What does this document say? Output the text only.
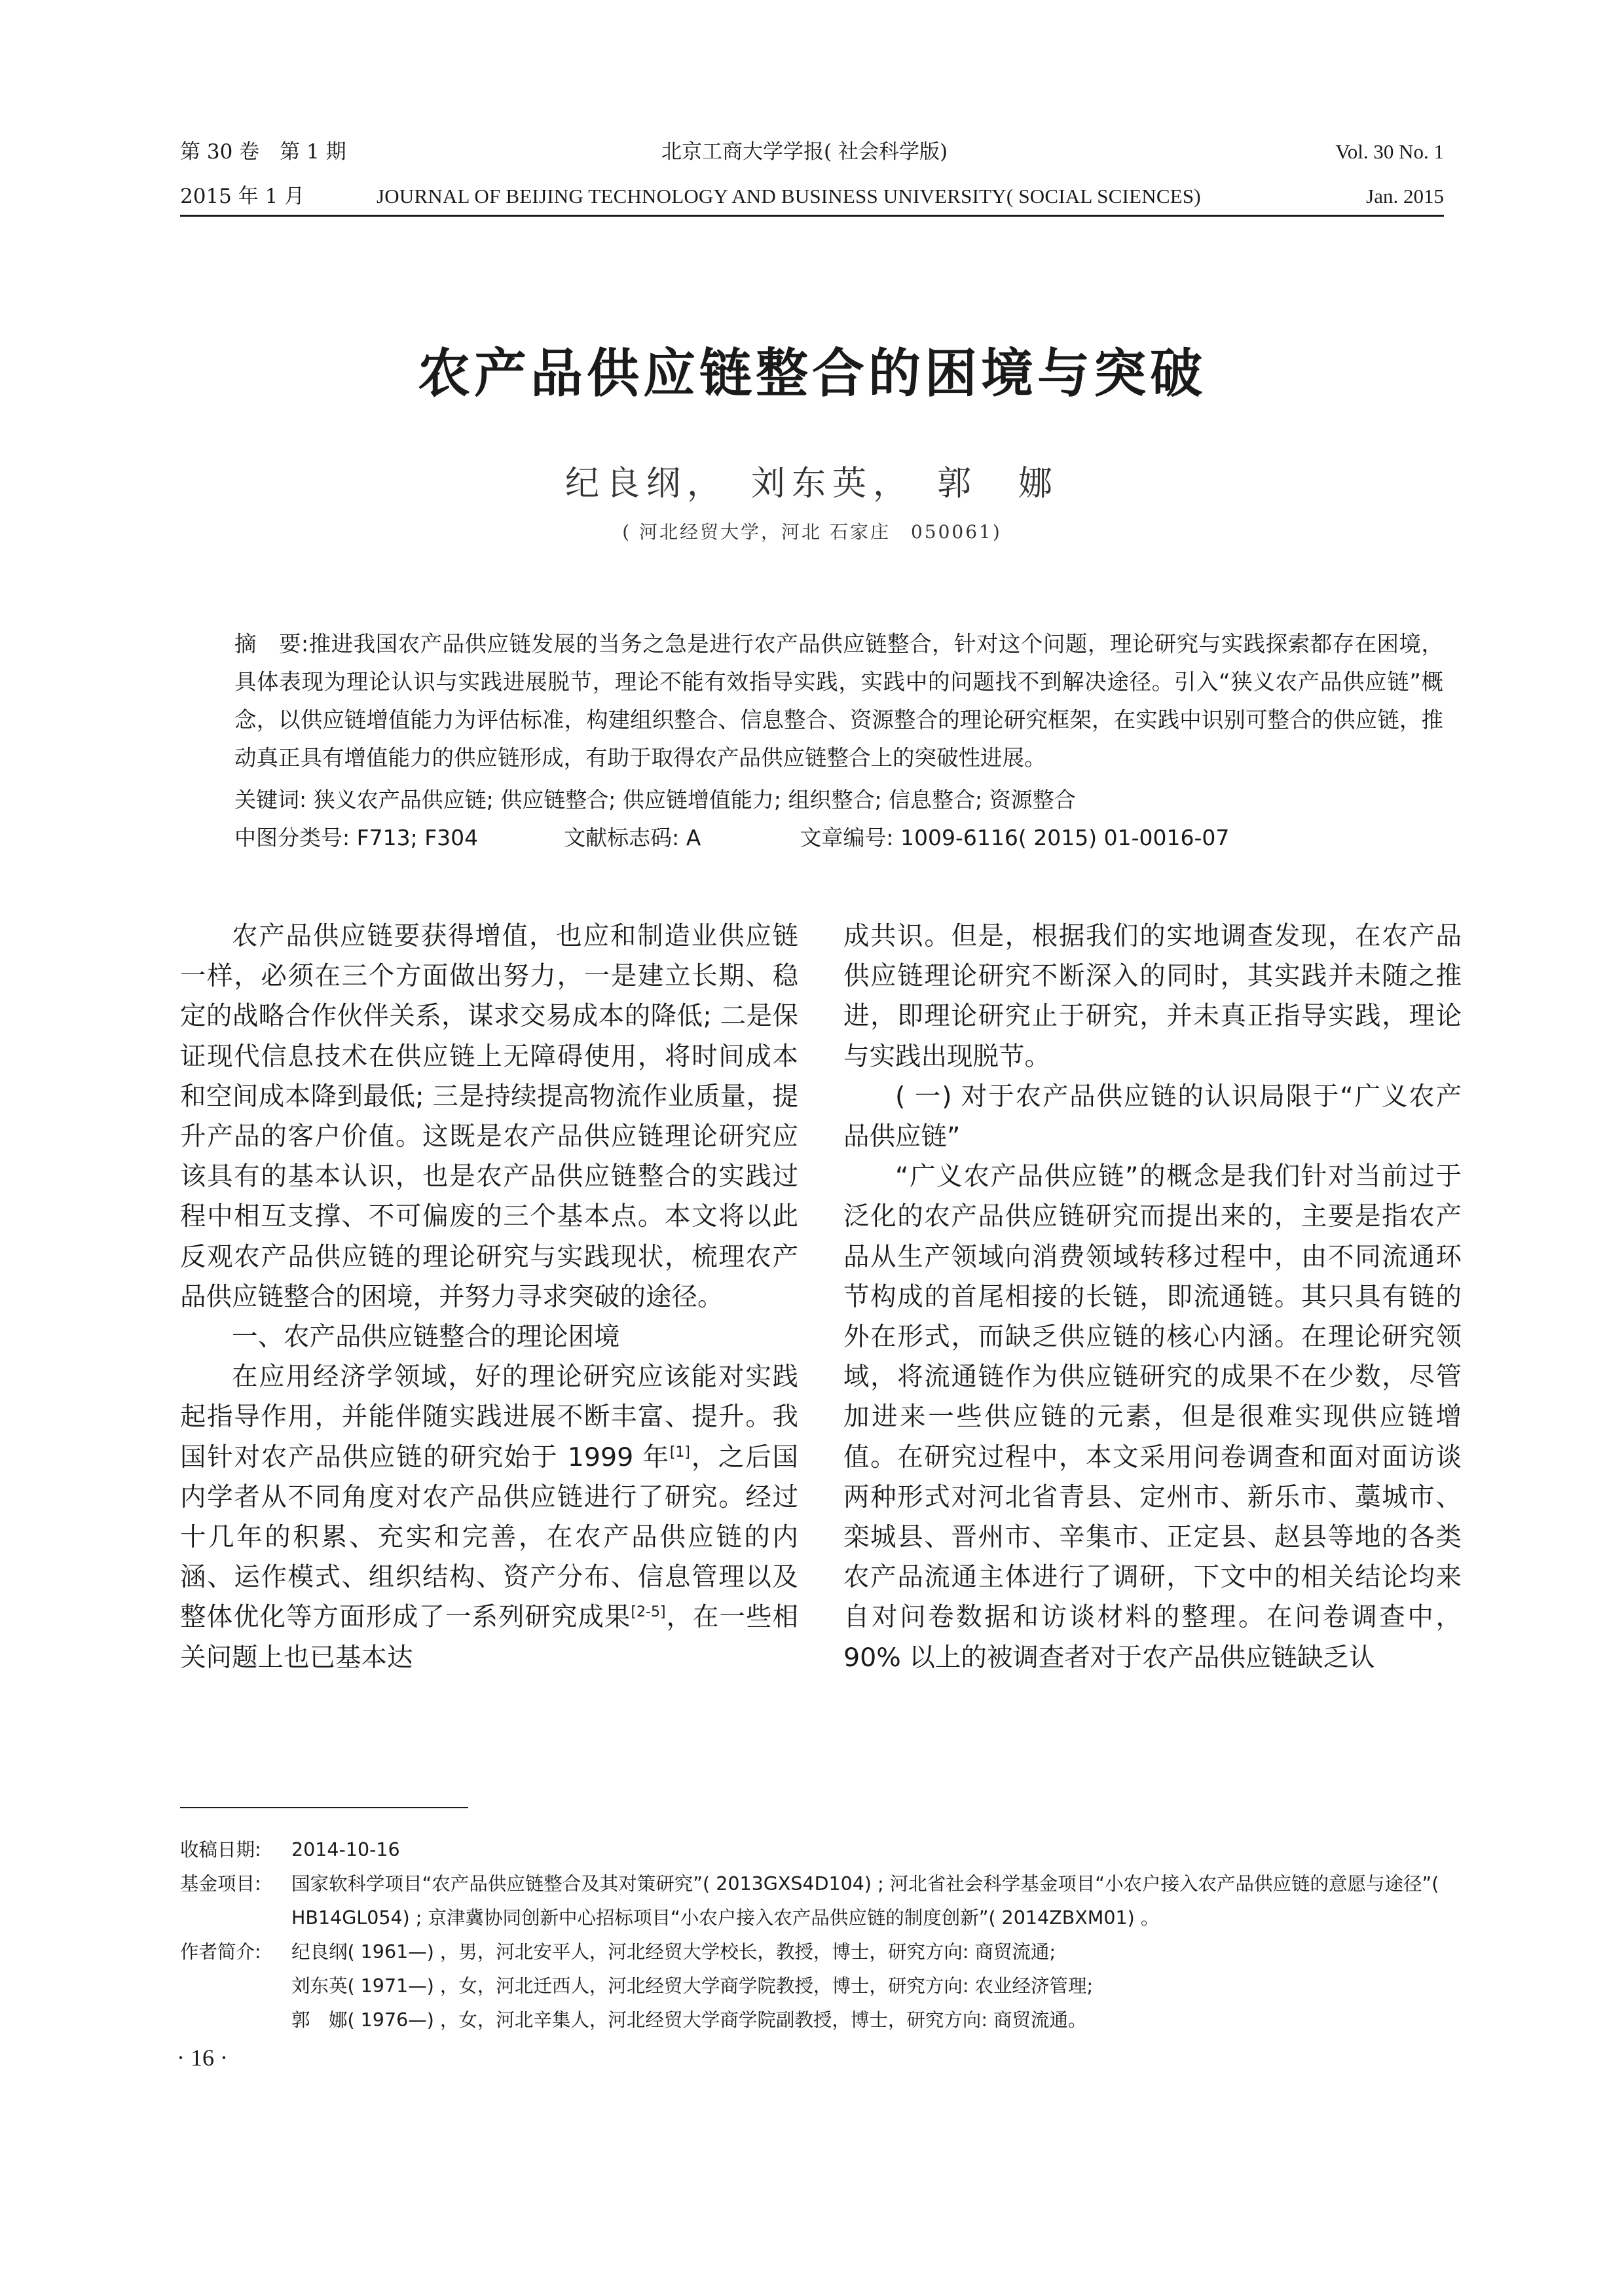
第 30 卷　第 1 期	北京工商大学学报( 社会科学版)	Vol. 30 No. 1
2015 年 1 月	JOURNAL OF BEIJING TECHNOLOGY AND BUSINESS UNIVERSITY( SOCIAL SCIENCES)	Jan. 2015
农产品供应链整合的困境与突破
纪良纲，　刘东英，　郭　娜
( 河北经贸大学，河北 石家庄　050061)
摘　要:推进我国农产品供应链发展的当务之急是进行农产品供应链整合，针对这个问题，理论研究与实践探索都存在困境，具体表现为理论认识与实践进展脱节，理论不能有效指导实践，实践中的问题找不到解决途径。引入“狭义农产品供应链”概念，以供应链增值能力为评估标准，构建组织整合、信息整合、资源整合的理论研究框架，在实践中识别可整合的供应链，推动真正具有增值能力的供应链形成，有助于取得农产品供应链整合上的突破性进展。
关键词: 狭义农产品供应链; 供应链整合; 供应链增值能力; 组织整合; 信息整合; 资源整合
中图分类号: F713; F304	文献标志码: A	文章编号: 1009-6116( 2015) 01-0016-07

农产品供应链要获得增值，也应和制造业供应链一样，必须在三个方面做出努力，一是建立长期、稳定的战略合作伙伴关系，谋求交易成本的降低; 二是保证现代信息技术在供应链上无障碍使用，将时间成本和空间成本降到最低; 三是持续提高物流作业质量，提升产品的客户价值。这既是农产品供应链理论研究应该具有的基本认识，也是农产品供应链整合的实践过程中相互支撑、不可偏废的三个基本点。本文将以此反观农产品供应链的理论研究与实践现状，梳理农产品供应链整合的困境，并努力寻求突破的途径。

一、农产品供应链整合的理论困境

在应用经济学领域，好的理论研究应该能对实践起指导作用，并能伴随实践进展不断丰富、提升。我国针对农产品供应链的研究始于 1999 年[1]，之后国内学者从不同角度对农产品供应链进行了研究。经过十几年的积累、充实和完善，在农产品供应链的内涵、运作模式、组织结构、资产分布、信息管理以及整体优化等方面形成了一系列研究成果[2-5]，在一些相关问题上也已基本达

成共识。但是，根据我们的实地调查发现，在农产品供应链理论研究不断深入的同时，其实践并未随之推进，即理论研究止于研究，并未真正指导实践，理论与实践出现脱节。

( 一) 对于农产品供应链的认识局限于“广义农产品供应链”

“广义农产品供应链”的概念是我们针对当前过于泛化的农产品供应链研究而提出来的，主要是指农产品从生产领域向消费领域转移过程中，由不同流通环节构成的首尾相接的长链，即流通链。其只具有链的外在形式，而缺乏供应链的核心内涵。在理论研究领域，将流通链作为供应链研究的成果不在少数，尽管加进来一些供应链的元素，但是很难实现供应链增值。在研究过程中，本文采用问卷调查和面对面访谈两种形式对河北省青县、定州市、新乐市、藁城市、栾城县、晋州市、辛集市、正定县、赵县等地的各类农产品流通主体进行了调研，下文中的相关结论均来自对问卷数据和访谈材料的整理。在问卷调查中，90% 以上的被调查者对于农产品供应链缺乏认

收稿日期:	2014-10-16
基金项目:	国家软科学项目“农产品供应链整合及其对策研究”( 2013GXS4D104) ; 河北省社会科学基金项目“小农户接入农产品供应链的意愿与途径”( HB14GL054) ; 京津冀协同创新中心招标项目“小农户接入农产品供应链的制度创新”( 2014ZBXM01) 。
作者简介:	纪良纲( 1961—) ，男，河北安平人，河北经贸大学校长，教授，博士，研究方向: 商贸流通;
刘东英( 1971—) ，女，河北迁西人，河北经贸大学商学院教授，博士，研究方向: 农业经济管理;
郭　娜( 1976—) ，女，河北辛集人，河北经贸大学商学院副教授，博士，研究方向: 商贸流通。
· 16 ·
